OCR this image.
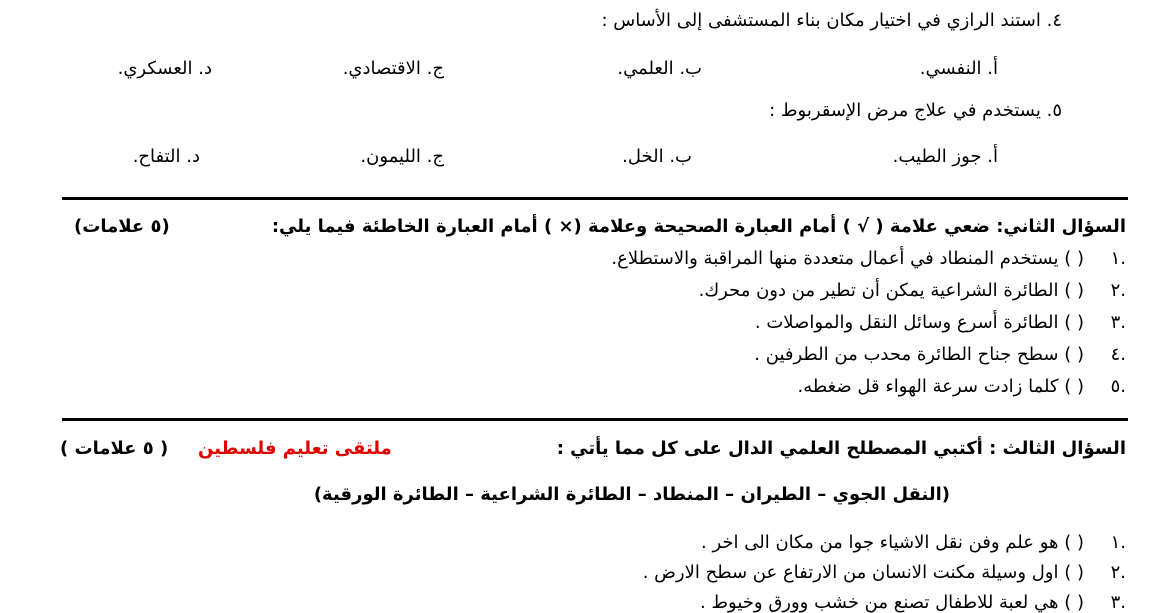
٤. استند الرازي في اختيار مكان بناء المستشفى إلى الأساس :
أ. النفسي.
ب. العلمي.
ج. الاقتصادي.
د. العسكري.
٥. يستخدم في علاج مرض الإسقربوط :
أ. جوز الطيب.
ب. الخل.
ج. الليمون.
د. التفاح.
السؤال الثاني: ضعي علامة ( √ ) أمام العبارة الصحيحة وعلامة (× ) أمام العبارة الخاطئة فيما يلي:
(٥ علامات)
١.
( ) يستخدم المنطاد في أعمال متعددة منها المراقبة والاستطلاع.
٢.
( ) الطائرة الشراعية يمكن أن تطير من دون محرك.
٣.
( ) الطائرة أسرع وسائل النقل والمواصلات .
٤.
( ) سطح جناح الطائرة محدب من الطرفين .
٥.
( ) كلما زادت سرعة الهواء قل ضغطه.
السؤال الثالث : أكتبي المصطلح العلمي الدال على كل مما يأتي :
ملتقى تعليم فلسطين
( ٥ علامات )
(النقل الجوي – الطيران – المنطاد – الطائرة الشراعية – الطائرة الورقية)
١.
( ) هو علم وفن نقل الاشياء جوا من مكان الى اخر .
٢.
( ) اول وسيلة مكنت الانسان من الارتفاع عن سطح الارض .
٣.
( ) هي لعبة للاطفال تصنع من خشب وورق وخيوط .
